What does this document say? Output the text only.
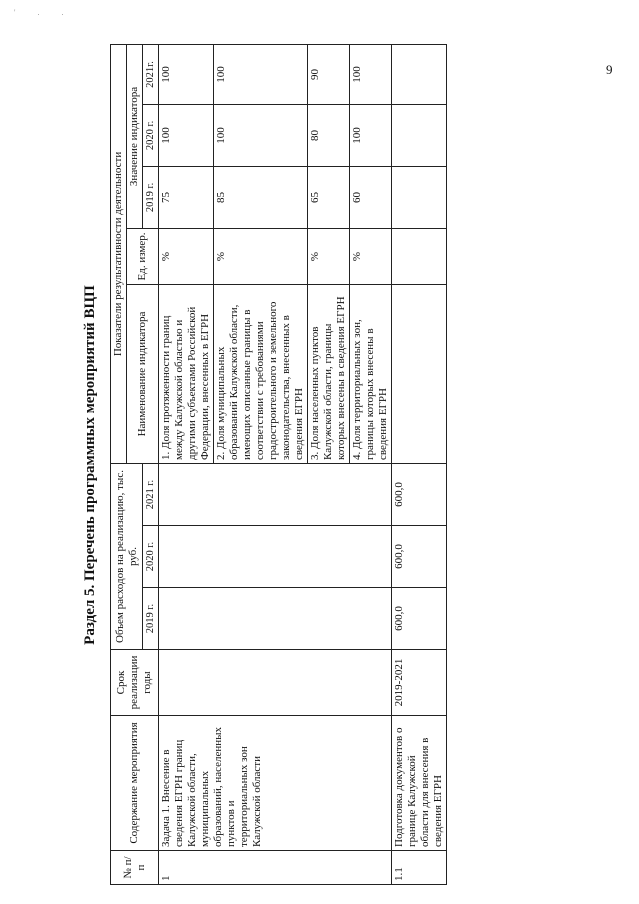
' . .
9
Раздел 5. Перечень программных мероприятий ВЦП
№ п/п	Содержание мероприятия	Срок реализации годы	Объем расходов на реализацию, тыс. руб.			Показатели результативности деятельности				
						Наименование индикатора	Ед. измер.	Значение индикатора		
			2019 г.	2020 г.	2021 г.			2019 г.	2020 г.	2021г.
1	Задача 1. Внесение в сведения ЕГРН границ Калужской области, муниципальных образований, населенных пунктов и территориальных зон Калужской области					1. Доля протяженности границ между Калужской областью и другими субъектами Российской Федерации, внесенных в ЕГРН	%	75	100	100
						2. Доля муниципальных образований Калужской области, имеющих описанные границы в соответствии с требованиями градостроительного и земельного законодательства, внесенных в сведения ЕГРН	%	85	100	100
						3. Доля населенных пунктов Калужской области, границы которых внесены в сведения ЕГРН	%	65	80	90
						4. Доля территориальных зон, границы которых внесены в сведения ЕГРН	%	60	100	100
1.1	Подготовка документов о границе Калужской области для внесения в сведения ЕГРН	2019-2021	600,0	600,0	600,0					
